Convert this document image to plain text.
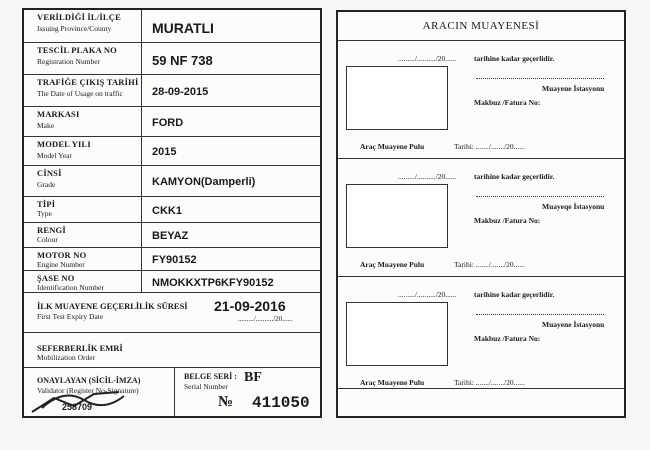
VERİLDİĞİ İL/İLÇE
Issuing Province/County	MURATLI
TESCİL PLAKA NO
Registration Number	59 NF 738
TRAFİĞE ÇIKIŞ TARİHİ
The Date of Usage on traffic	28-09-2015
MARKASI
Make	FORD
MODEL YILI
Model Year	2015
CİNSİ
Grade	KAMYON(Damperli)
TİPİ
Type	CKK1
RENGİ
Colour	BEYAZ
MOTOR NO
Engine Number	FY90152
ŞASE NO
Identification Number	NMOKKXTP6KFY90152
İLK MUAYENE GEÇERLİLİK SÜRESİ
First Test Expiry Date
21-09-2016
........./........../20......
SEFERBERLİK EMRİ
Mobilization Order
ONAYLAYAN (SİCİL-İMZA)
Validator (Register No-Signature)
258709
BELGE SERİ : BF
Serial Number
№ 411050
ARACIN MUAYENESİ
........./........../20...... tarihine kadar geçerlidir.
Muayene İstasyonu
Makbuz /Fatura No:
Araç Muayene Pulu	Tarihi: ......./......./20......
........./........../20...... tarihine kadar geçerlidir.
Muayeqe İstasyonu
Makbuz /Fatura No:
Araç Muayene Pulu	Tarihi: ......./......./20......
........./........../20...... tarihine kadar geçerlidir.
Muayene İstasyonu
Makbuz /Fatura No:
Araç Muayene Pulu	Tarihi: ......./......./20......
